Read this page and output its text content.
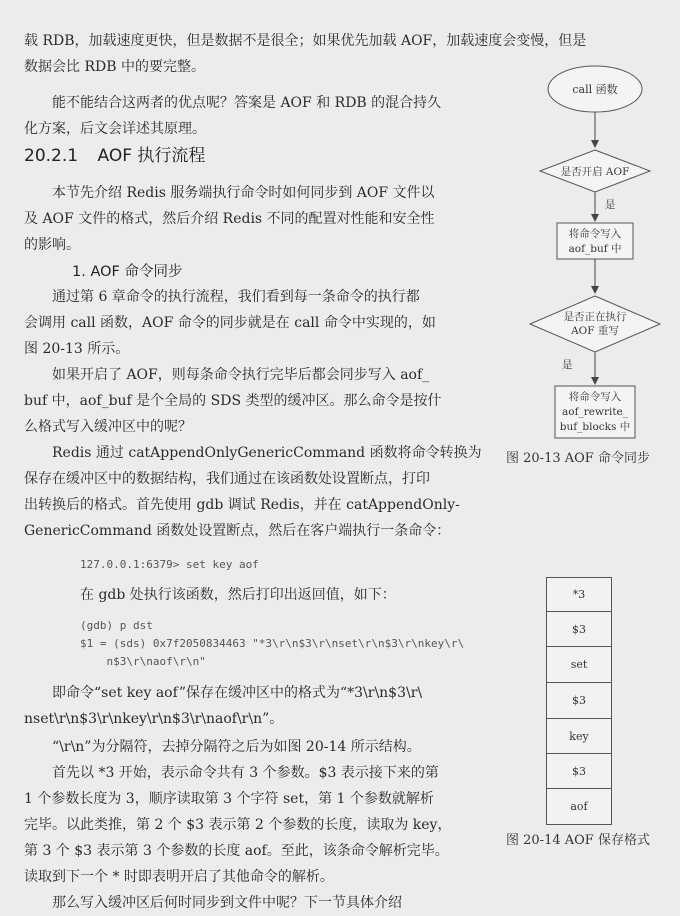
载 RDB，加载速度更快，但是数据不是很全；如果优先加载 AOF，加载速度会变慢，但是

数据会比 RDB 中的要完整。

能不能结合这两者的优点呢？答案是 AOF 和 RDB 的混合持久

化方案，后文会详述其原理。

20.2.1 AOF 执行流程

本节先介绍 Redis 服务端执行命令时如何同步到 AOF 文件以

及 AOF 文件的格式，然后介绍 Redis 不同的配置对性能和安全性

的影响。

1. AOF 命令同步

通过第 6 章命令的执行流程，我们看到每一条命令的执行都

会调用 call 函数，AOF 命令的同步就是在 call 命令中实现的，如

图 20-13 所示。

如果开启了 AOF，则每条命令执行完毕后都会同步写入 aof_

buf 中，aof_buf 是个全局的 SDS 类型的缓冲区。那么命令是按什

么格式写入缓冲区中的呢？

Redis 通过 catAppendOnlyGenericCommand 函数将命令转换为

保存在缓冲区中的数据结构，我们通过在该函数处设置断点，打印

出转换后的格式。首先使用 gdb 调试 Redis，并在 catAppendOnly-

GenericCommand 函数处设置断点，然后在客户端执行一条命令：

127.0.0.1:6379> set key aof

在 gdb 处执行该函数，然后打印出返回值，如下：

(gdb) p dst
$1 = (sds) 0x7f2050834463 "*3\r\n$3\r\nset\r\n$3\r\nkey\r\
n$3\r\naof\r\n"

即命令“set key aof”保存在缓冲区中的格式为“*3\r\n$3\r\

nset\r\n$3\r\nkey\r\n$3\r\naof\r\n”。

“\r\n”为分隔符，去掉分隔符之后为如图 20-14 所示结构。

首先以 *3 开始，表示命令共有 3 个参数。$3 表示接下来的第

1 个参数长度为 3，顺序读取第 3 个字符 set，第 1 个参数就解析

完毕。以此类推，第 2 个 $3 表示第 2 个参数的长度，读取为 key，

第 3 个 $3 表示第 3 个参数的长度 aof。至此，该条命令解析完毕。

读取到下一个 * 时即表明开启了其他命令的解析。

那么写入缓冲区后何时同步到文件中呢？下一节具体介绍

call 函数
是否开启 AOF
是
将命令写入
aof_buf 中
是否正在执行
AOF 重写
是
将命令写入
aof_rewrite_
buf_blocks 中
图 20-13 AOF 命令同步
*3
$3
set
$3
key
$3
aof
图 20-14 AOF 保存格式
